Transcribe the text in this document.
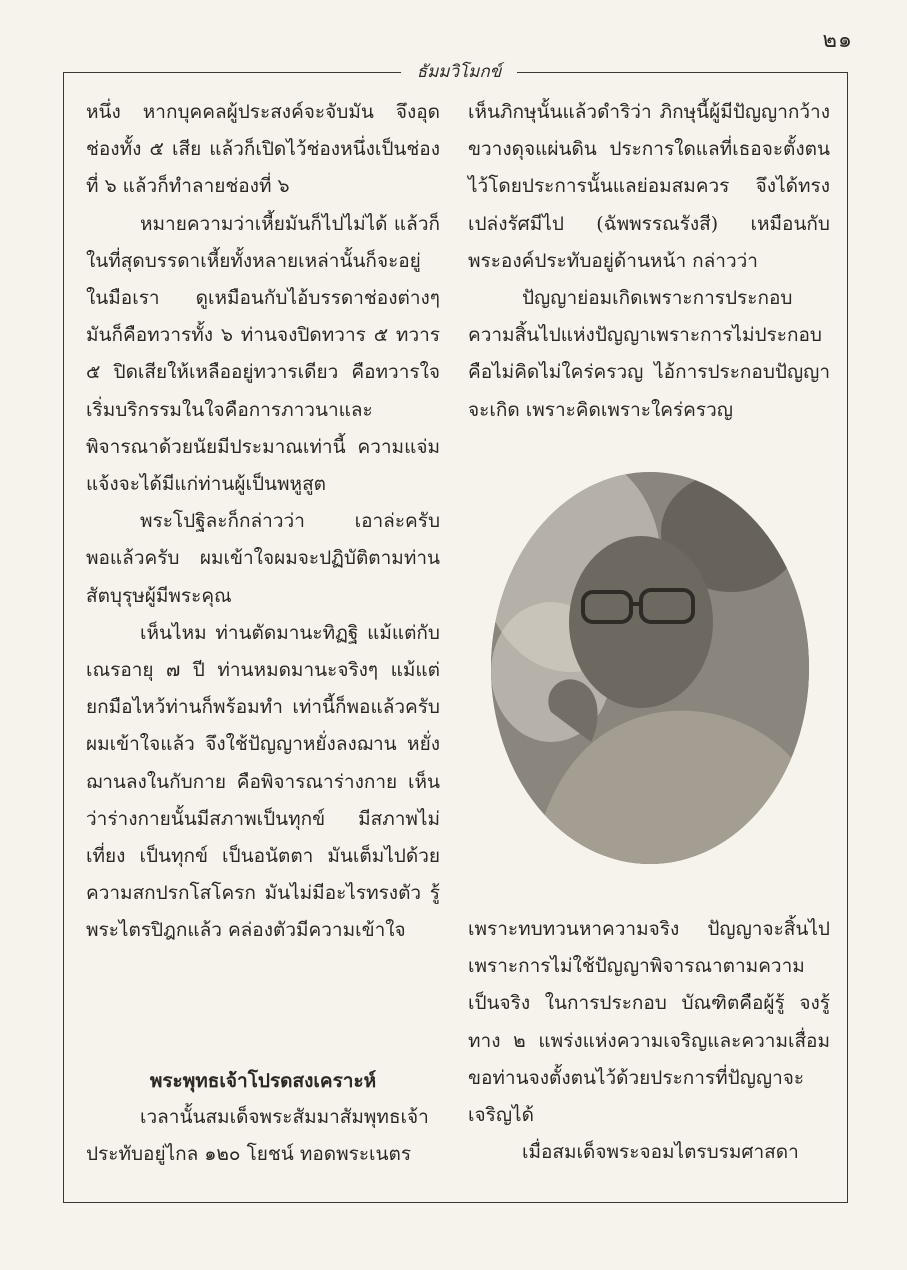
๒๑
ธัมมวิโมกข์

หนึ่ง หากบุคคลผู้ประสงค์จะจับมัน จึงอุดช่องทั้ง ๕ เสีย แล้วก็เปิดไว้ช่องหนึ่งเป็นช่องที่ ๖ แล้วก็ทำลายช่องที่ ๖

หมายความว่าเหี้ยมันก็ไปไม่ได้ แล้วก็ในที่สุดบรรดาเหี้ยทั้งหลายเหล่านั้นก็จะอยู่ในมือเรา ดูเหมือนกับไอ้บรรดาช่องต่างๆ มันก็คือทวารทั้ง ๖ ท่านจงปิดทวาร ๕ ทวาร ๕ ปิดเสียให้เหลืออยู่ทวารเดียว คือทวารใจ เริ่มบริกรรมในใจคือการภาวนาและพิจารณาด้วยนัยมีประมาณเท่านี้ ความแจ่มแจ้งจะได้มีแก่ท่านผู้เป็นพหูสูต

พระโปฐิละก็กล่าวว่า เอาล่ะครับพอแล้วครับ ผมเข้าใจผมจะปฏิบัติตามท่านสัตบุรุษผู้มีพระคุณ

เห็นไหม ท่านตัดมานะทิฏฐิ แม้แต่กับเณรอายุ ๗ ปี ท่านหมดมานะจริงๆ แม้แต่ยกมือไหว้ท่านก็พร้อมทำ เท่านี้ก็พอแล้วครับ ผมเข้าใจแล้ว จึงใช้ปัญญาหยั่งลงฌาน หยั่งฌานลงในกับกาย คือพิจารณาร่างกาย เห็นว่าร่างกายนั้นมีสภาพเป็นทุกข์ มีสภาพไม่เที่ยง เป็นทุกข์ เป็นอนัตตา มันเต็มไปด้วยความสกปรกโสโครก มันไม่มีอะไรทรงตัว รู้พระไตรปิฎกแล้ว คล่องตัวมีความเข้าใจ

พระพุทธเจ้าโปรดสงเคราะห์

เวลานั้นสมเด็จพระสัมมาสัมพุทธเจ้าประทับอยู่ไกล ๑๒๐ โยชน์ ทอดพระเนตร

เห็นภิกษุนั้นแล้วดำริว่า ภิกษุนี้ผู้มีปัญญากว้างขวางดุจแผ่นดิน ประการใดแลที่เธอจะตั้งตนไว้โดยประการนั้นแลย่อมสมควร จึงได้ทรงเปล่งรัศมีไป (ฉัพพรรณรังสี) เหมือนกับพระองค์ประทับอยู่ด้านหน้า กล่าวว่า

ปัญญาย่อมเกิดเพราะการประกอบ ความสิ้นไปแห่งปัญญาเพราะการไม่ประกอบ คือไม่คิดไม่ใคร่ครวญ ไอ้การประกอบปัญญาจะเกิด เพราะคิดเพราะใคร่ครวญ

เพราะทบทวนหาความจริง ปัญญาจะสิ้นไปเพราะการไม่ใช้ปัญญาพิจารณาตามความเป็นจริง ในการประกอบ บัณฑิตคือผู้รู้ จงรู้ทาง ๒ แพร่งแห่งความเจริญและความเสื่อม ขอท่านจงตั้งตนไว้ด้วยประการที่ปัญญาจะเจริญได้

เมื่อสมเด็จพระจอมไตรบรมศาสดา
